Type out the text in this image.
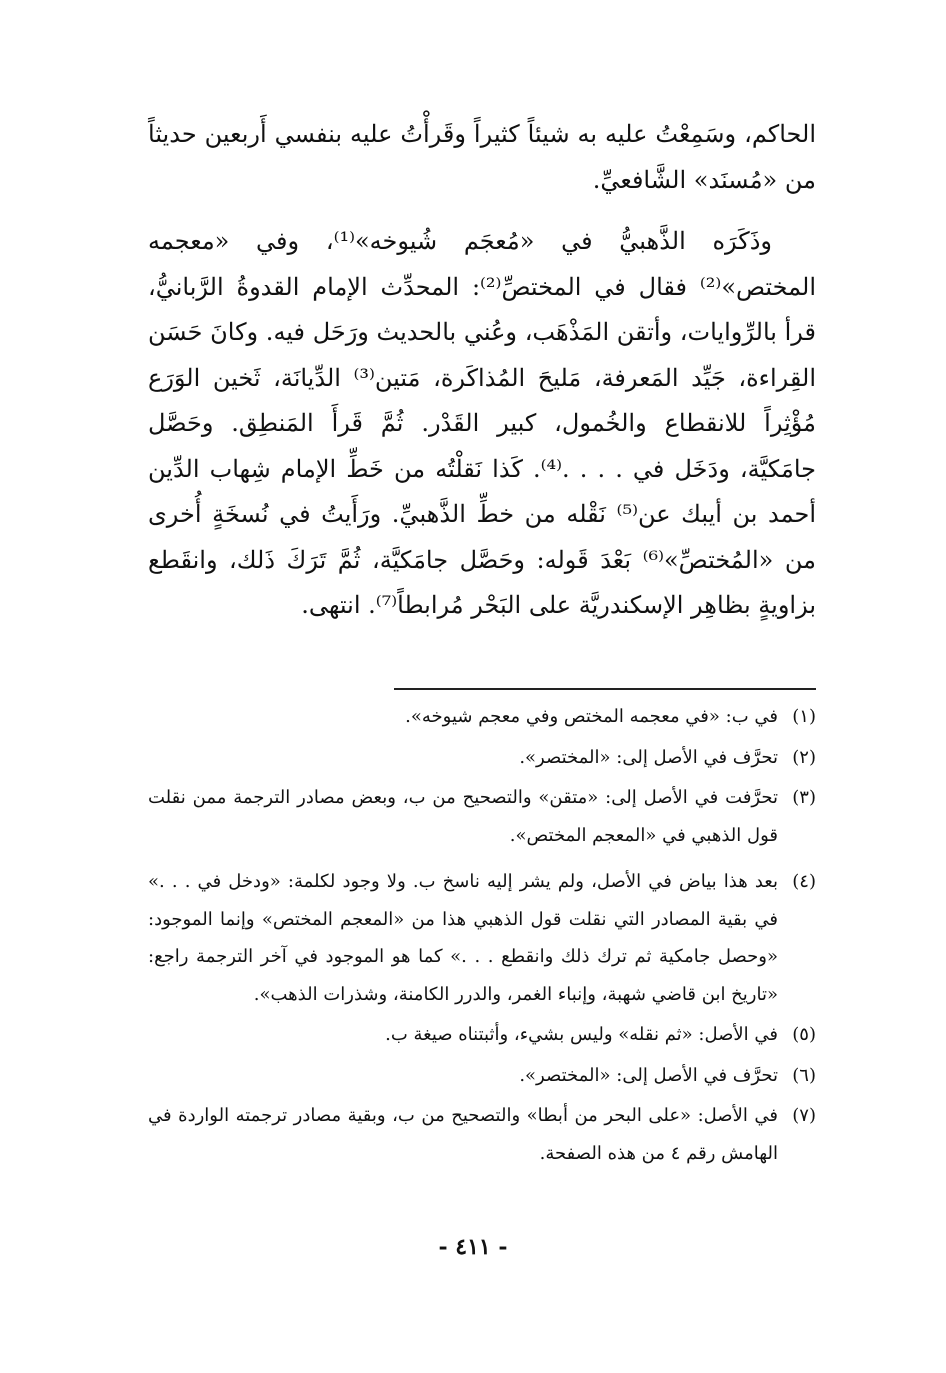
الحاكم، وسَمِعْتُ عليه به شيئاً كثيراً وقَرأْتُ عليه بنفسي أَربعين حديثاً من «مُسنَد» الشَّافعيِّ.

وذَكَرَه الذَّهبيُّ في «مُعجَم شُيوخه»⁽¹⁾، وفي «معجمه المختص»⁽²⁾ فقال في المختصِّ⁽²⁾: المحدِّث الإمام القدوةُ الرَّبانيُّ، قرأ بالرِّوايات، وأتقن المَذْهَب، وعُني بالحديث ورَحَل فيه. وكانَ حَسَن القِراءة، جَيِّد المَعرفة، مَليحَ المُذاكَرة، مَتين⁽³⁾ الدِّيانَة، ثَخين الوَرَع مُؤْثِراً للانقطاع والخُمول، كبير القَدْر. ثُمَّ قَرأَ المَنطِق. وحَصَّل جامَكيَّة، ودَخَل في . . . .⁽⁴⁾. كَذا نَقلْتُه من خَطِّ الإمام شِهاب الدِّين أحمد بن أيبك عن⁽⁵⁾ نَقْله من خطِّ الذَّهبيِّ. ورَأَيتُ في نُسخَةٍ أُخرى من «المُختصِّ»⁽⁶⁾ بَعْدَ قَوله: وحَصَّل جامَكيَّة، ثُمَّ تَرَكَ ذَلك، وانقَطع بزاويةٍ بظاهِر الإسكندريَّة على البَحْر مُرابطاً⁽⁷⁾. انتهى.

(١)
في ب: «في معجمه المختص وفي معجم شيوخه».
(٢)
تحرَّف في الأصل إلى: «المختصر».
(٣)
تحرَّفت في الأصل إلى: «متقن» والتصحيح من ب، وبعض مصادر الترجمة ممن نقلت قول الذهبي في «المعجم المختص».
(٤)
بعد هذا بياض في الأصل، ولم يشر إليه ناسخ ب. ولا وجود لكلمة: «ودخل في . . .» في بقية المصادر التي نقلت قول الذهبي هذا من «المعجم المختص» وإنما الموجود: «وحصل جامكية ثم ترك ذلك وانقطع . . .» كما هو الموجود في آخر الترجمة راجع: «تاريخ ابن قاضي شهبة، وإنباء الغمر، والدرر الكامنة، وشذرات الذهب».
(٥)
في الأصل: «ثم نقله» وليس بشيء، وأثبتناه صيغة ب.
(٦)
تحرَّف في الأصل إلى: «المختصر».
(٧)
في الأصل: «على البحر من أبطا» والتصحيح من ب، وبقية مصادر ترجمته الواردة في الهامش رقم ٤ من هذه الصفحة.
- ٤١١ -
